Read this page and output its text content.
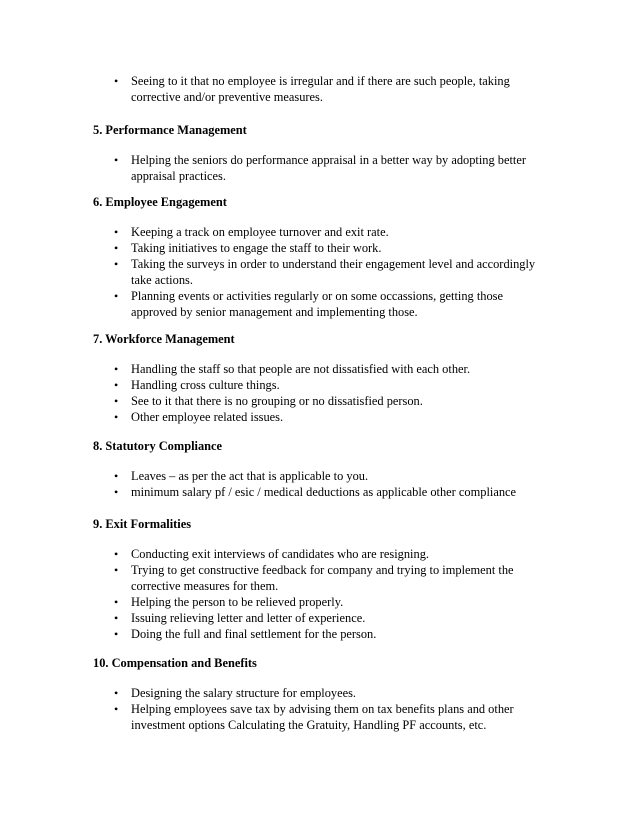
• Seeing to it that no employee is irregular and if there are such people, taking corrective and/or preventive measures.

5. Performance Management

• Helping the seniors do performance appraisal in a better way by adopting better appraisal practices.

6. Employee Engagement

• Keeping a track on employee turnover and exit rate.
• Taking initiatives to engage the staff to their work.
• Taking the surveys in order to understand their engagement level and accordingly take actions.
• Planning events or activities regularly or on some occassions, getting those approved by senior management and implementing those.

7. Workforce Management

• Handling the staff so that people are not dissatisfied with each other.
• Handling cross culture things.
• See to it that there is no grouping or no dissatisfied person.
• Other employee related issues.

8. Statutory Compliance

• Leaves – as per the act that is applicable to you.
• minimum salary pf / esic / medical deductions as applicable other compliance

9. Exit Formalities

• Conducting exit interviews of candidates who are resigning.
• Trying to get constructive feedback for company and trying to implement the corrective measures for them.
• Helping the person to be relieved properly.
• Issuing relieving letter and letter of experience.
• Doing the full and final settlement for the person.

10. Compensation and Benefits

• Designing the salary structure for employees.
• Helping employees save tax by advising them on tax benefits plans and other investment options Calculating the Gratuity, Handling PF accounts, etc.
